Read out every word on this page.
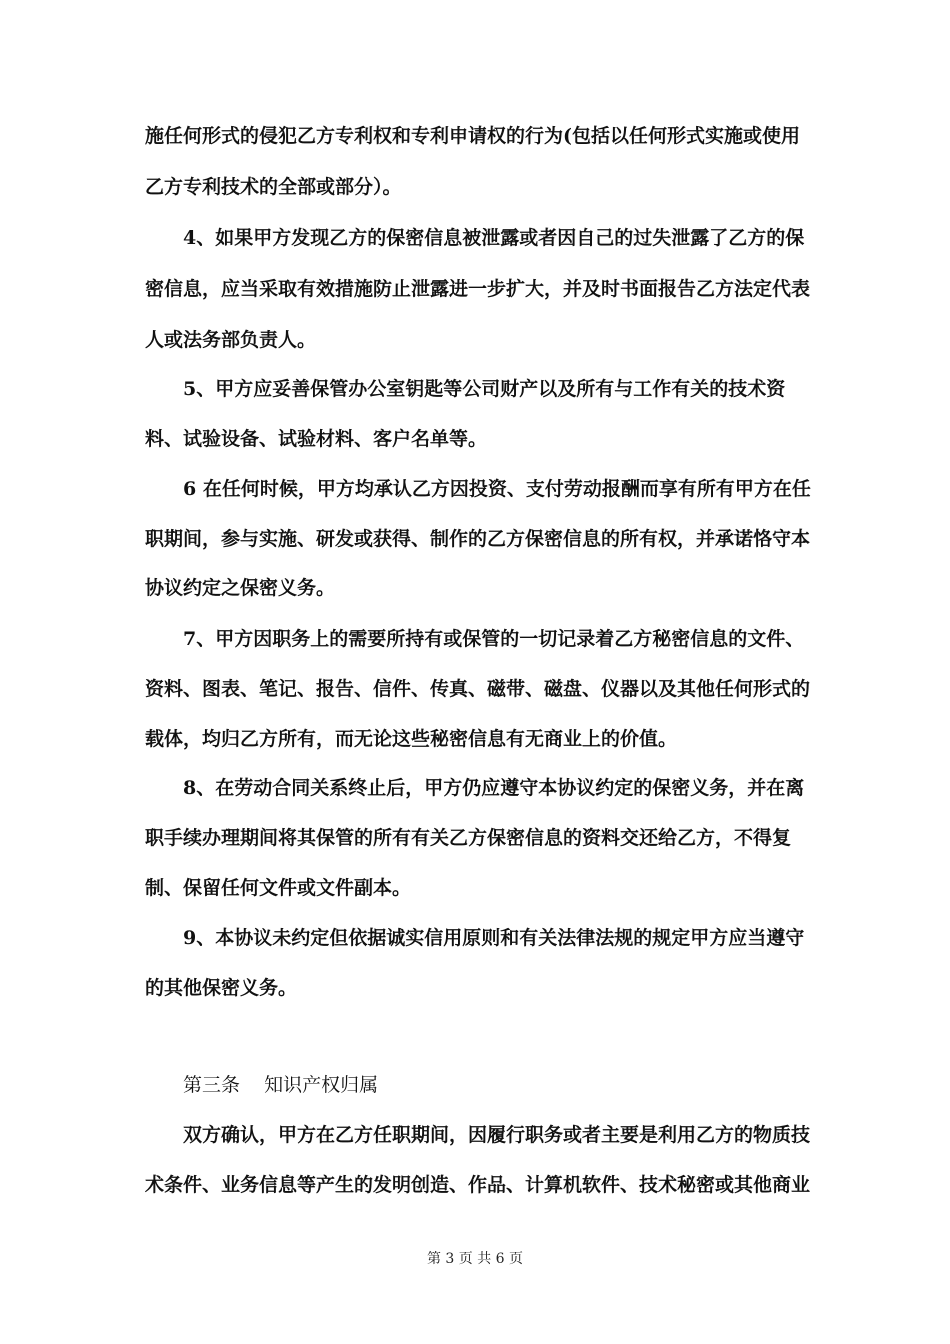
施任何形式的侵犯乙方专利权和专利申请权的行为(包括以任何形式实施或使用
乙方专利技术的全部或部分）。
4、如果甲方发现乙方的保密信息被泄露或者因自己的过失泄露了乙方的保
密信息，应当采取有效措施防止泄露进一步扩大，并及时书面报告乙方法定代表
人或法务部负责人。
5、甲方应妥善保管办公室钥匙等公司财产以及所有与工作有关的技术资
料、试验设备、试验材料、客户名单等。
6 在任何时候，甲方均承认乙方因投资、支付劳动报酬而享有所有甲方在任
职期间，参与实施、研发或获得、制作的乙方保密信息的所有权，并承诺恪守本
协议约定之保密义务。
7、甲方因职务上的需要所持有或保管的一切记录着乙方秘密信息的文件、
资料、图表、笔记、报告、信件、传真、磁带、磁盘、仪器以及其他任何形式的
载体，均归乙方所有，而无论这些秘密信息有无商业上的价值。
8、在劳动合同关系终止后，甲方仍应遵守本协议约定的保密义务，并在离
职手续办理期间将其保管的所有有关乙方保密信息的资料交还给乙方，不得复
制、保留任何文件或文件副本。
9、本协议未约定但依据诚实信用原则和有关法律法规的规定甲方应当遵守
的其他保密义务。
第三条    知识产权归属
双方确认，甲方在乙方任职期间，因履行职务或者主要是利用乙方的物质技
术条件、业务信息等产生的发明创造、作品、计算机软件、技术秘密或其他商业
第 3 页 共 6 页
